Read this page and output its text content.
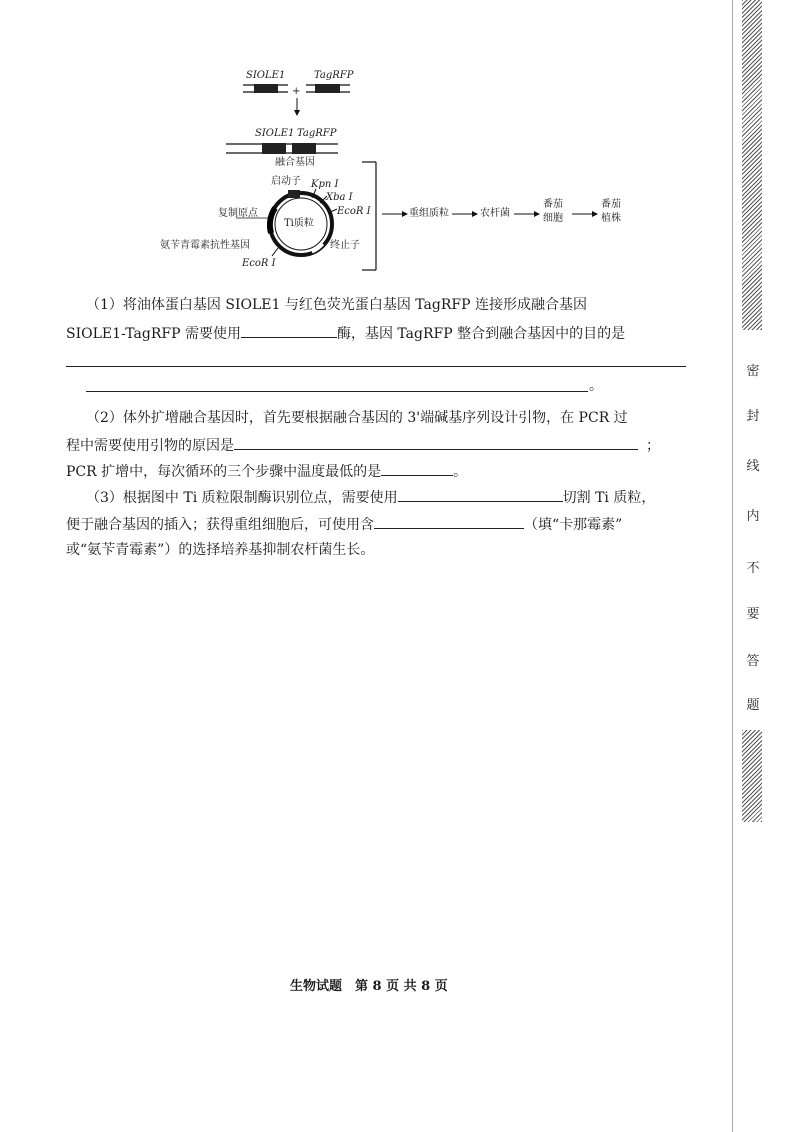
SIOLE1	TagRFP
+
SIOLE1 TagRFP
融合基因
启动子 Kpn I
Xba I
EcoR I
复制原点
Ti质粒
氨苄青霉素抗性基因	终止子
EcoR I
重组质粒	农杆菌
番茄
细胞
番茄
植株
（1）将油体蛋白基因 SIOLE1 与红色荧光蛋白基因 TagRFP 连接形成融合基因
SIOLE1-TagRFP 需要使用	酶，基因 TagRFP 整合到融合基因中的目的是
。
（2）体外扩增融合基因时，首先要根据融合基因的 3'端碱基序列设计引物，在 PCR 过
程中需要使用引物的原因是	；
PCR 扩增中，每次循环的三个步骤中温度最低的是	。
（3）根据图中 Ti 质粒限制酶识别位点，需要使用	切割 Ti 质粒，
便于融合基因的插入；获得重组细胞后，可使用含	（填“卡那霉素”
或“氨苄青霉素”）的选择培养基抑制农杆菌生长。
生物试题　第 8 页 共 8 页
密
封
线
内
不
要
答
题
